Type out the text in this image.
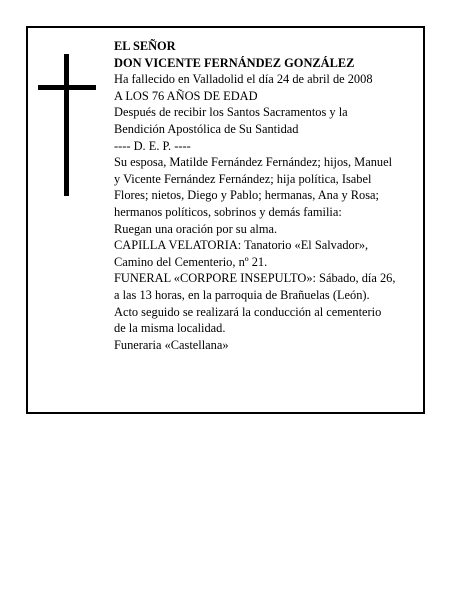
EL SEÑOR

DON VICENTE FERNÁNDEZ GONZÁLEZ

Ha fallecido en Valladolid el día 24 de abril de 2008

A LOS 76 AÑOS DE EDAD

Después de recibir los Santos Sacramentos y la
Bendición Apostólica de Su Santidad

---- D. E. P. ----

Su esposa, Matilde Fernández Fernández; hijos, Manuel
y Vicente Fernández Fernández; hija política, Isabel
Flores; nietos, Diego y Pablo; hermanas, Ana y Rosa;
hermanos políticos, sobrinos y demás familia:

Ruegan una oración por su alma.

CAPILLA VELATORIA: Tanatorio «El Salvador»,
Camino del Cementerio, nº 21.

FUNERAL «CORPORE INSEPULTO»: Sábado, día 26,
a las 13 horas, en la parroquia de Brañuelas (León).

Acto seguido se realizará la conducción al cementerio
de la misma localidad.

Funeraria «Castellana»
